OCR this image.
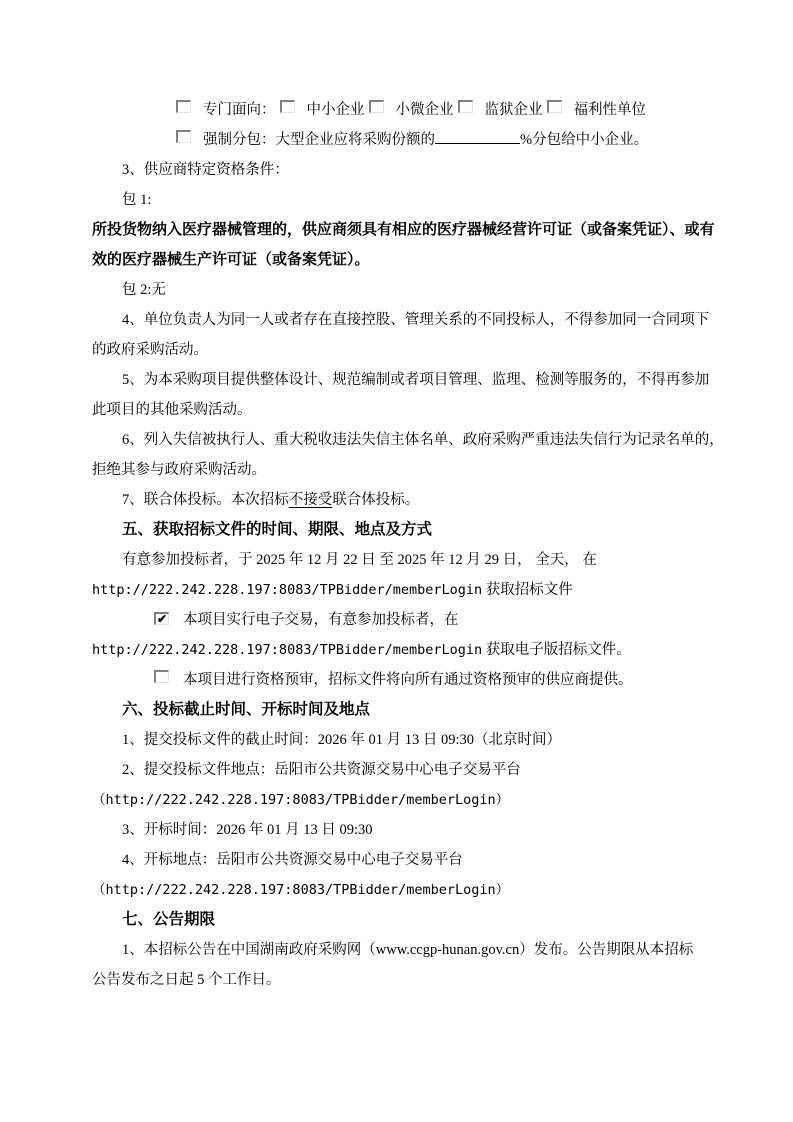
专门面向： 中小企业 小微企业 监狱企业 福利性单位
强制分包：大型企业应将采购份额的	%分包给中小企业。
3、供应商特定资格条件：
包 1:
所投货物纳入医疗器械管理的，供应商须具有相应的医疗器械经营许可证（或备案凭证）、或有
效的医疗器械生产许可证（或备案凭证）。
包 2:无
4、单位负责人为同一人或者存在直接控股、管理关系的不同投标人，不得参加同一合同项下
的政府采购活动。
5、为本采购项目提供整体设计、规范编制或者项目管理、监理、检测等服务的，不得再参加
此项目的其他采购活动。
6、列入失信被执行人、重大税收违法失信主体名单、政府采购严重违法失信行为记录名单的，
拒绝其参与政府采购活动。
7、联合体投标。本次招标不接受联合体投标。
五、获取招标文件的时间、期限、地点及方式
有意参加投标者，于 2025 年 12 月 22 日 至 2025 年 12 月 29 日， 全天， 在
http://222.242.228.197:8083/TPBidder/memberLogin 获取招标文件
✔ 本项目实行电子交易，有意参加投标者，在
http://222.242.228.197:8083/TPBidder/memberLogin 获取电子版招标文件。
本项目进行资格预审，招标文件将向所有通过资格预审的供应商提供。
六、投标截止时间、开标时间及地点
1、提交投标文件的截止时间：2026 年 01 月 13 日 09:30（北京时间）
2、提交投标文件地点：岳阳市公共资源交易中心电子交易平台
（http://222.242.228.197:8083/TPBidder/memberLogin）
3、开标时间：2026 年 01 月 13 日 09:30
4、开标地点：岳阳市公共资源交易中心电子交易平台
（http://222.242.228.197:8083/TPBidder/memberLogin）
七、公告期限
1、本招标公告在中国湖南政府采购网（www.ccgp-hunan.gov.cn）发布。公告期限从本招标
公告发布之日起 5 个工作日。
